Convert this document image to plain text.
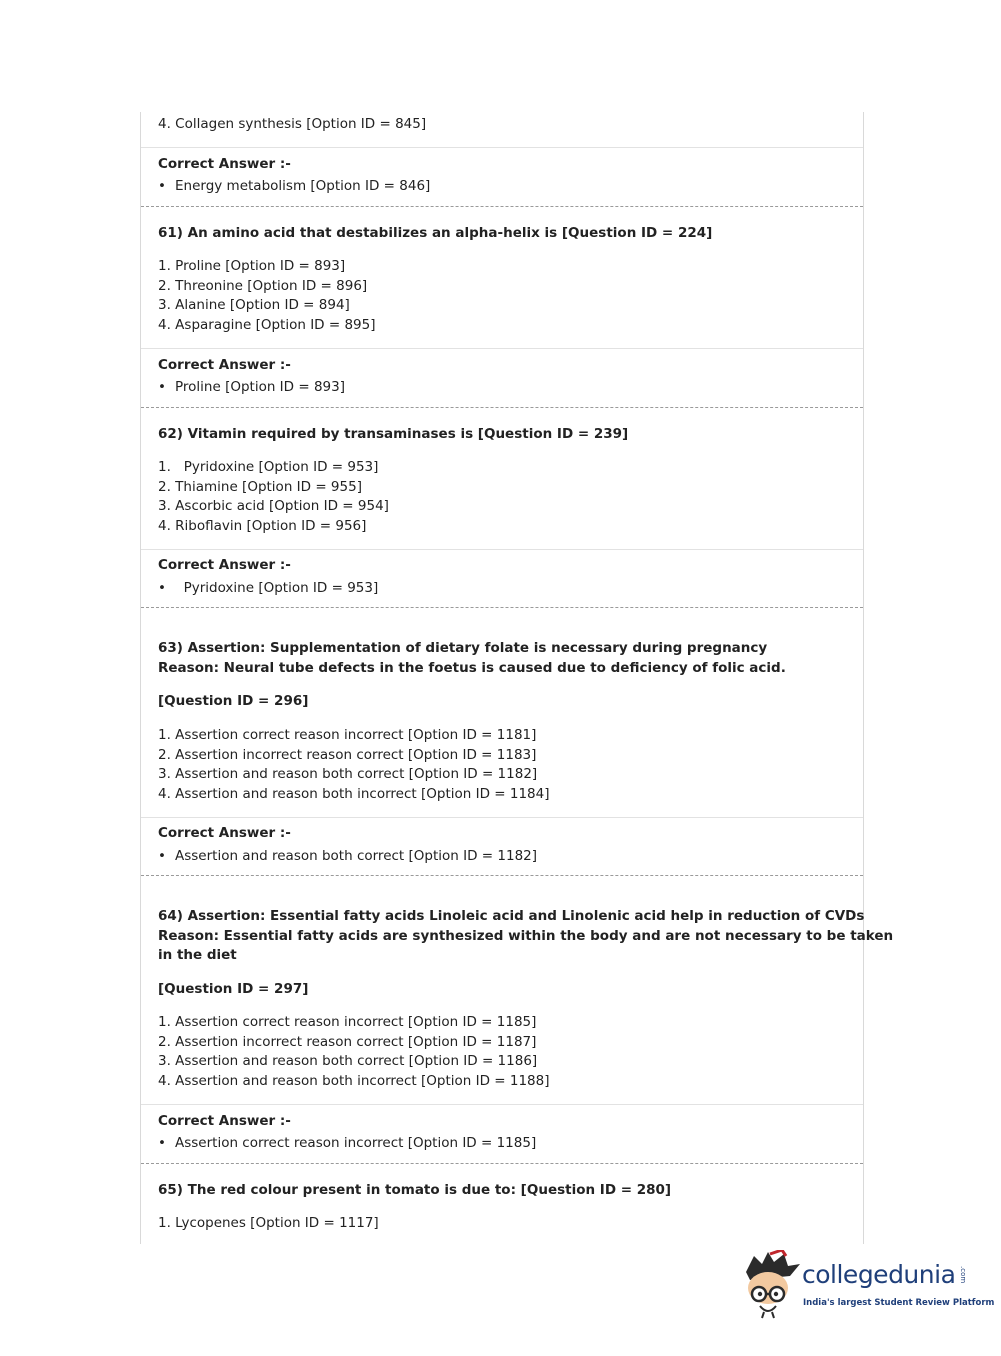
4. Collagen synthesis [Option ID = 845]
Correct Answer :-
• Energy metabolism [Option ID = 846]
61) An amino acid that destabilizes an alpha-helix is [Question ID = 224]
1. Proline [Option ID = 893]
2. Threonine [Option ID = 896]
3. Alanine [Option ID = 894]
4. Asparagine [Option ID = 895]
Correct Answer :-
• Proline [Option ID = 893]
62) Vitamin required by transaminases is [Question ID = 239]
1.   Pyridoxine [Option ID = 953]
2. Thiamine [Option ID = 955]
3. Ascorbic acid [Option ID = 954]
4. Riboflavin [Option ID = 956]
Correct Answer :-
•   Pyridoxine [Option ID = 953]
63) Assertion: Supplementation of dietary folate is necessary during pregnancy
Reason: Neural tube defects in the foetus is caused due to deficiency of folic acid.
[Question ID = 296]
1. Assertion correct reason incorrect [Option ID = 1181]
2. Assertion incorrect reason correct [Option ID = 1183]
3. Assertion and reason both correct [Option ID = 1182]
4. Assertion and reason both incorrect [Option ID = 1184]
Correct Answer :-
• Assertion and reason both correct [Option ID = 1182]
64) Assertion: Essential fatty acids Linoleic acid and Linolenic acid help in reduction of CVDs
Reason: Essential fatty acids are synthesized within the body and are not necessary to be taken
in the diet
[Question ID = 297]
1. Assertion correct reason incorrect [Option ID = 1185]
2. Assertion incorrect reason correct [Option ID = 1187]
3. Assertion and reason both correct [Option ID = 1186]
4. Assertion and reason both incorrect [Option ID = 1188]
Correct Answer :-
• Assertion correct reason incorrect [Option ID = 1185]
65) The red colour present in tomato is due to: [Question ID = 280]
1. Lycopenes [Option ID = 1117]
collegedunia .com
India's largest Student Review Platform
